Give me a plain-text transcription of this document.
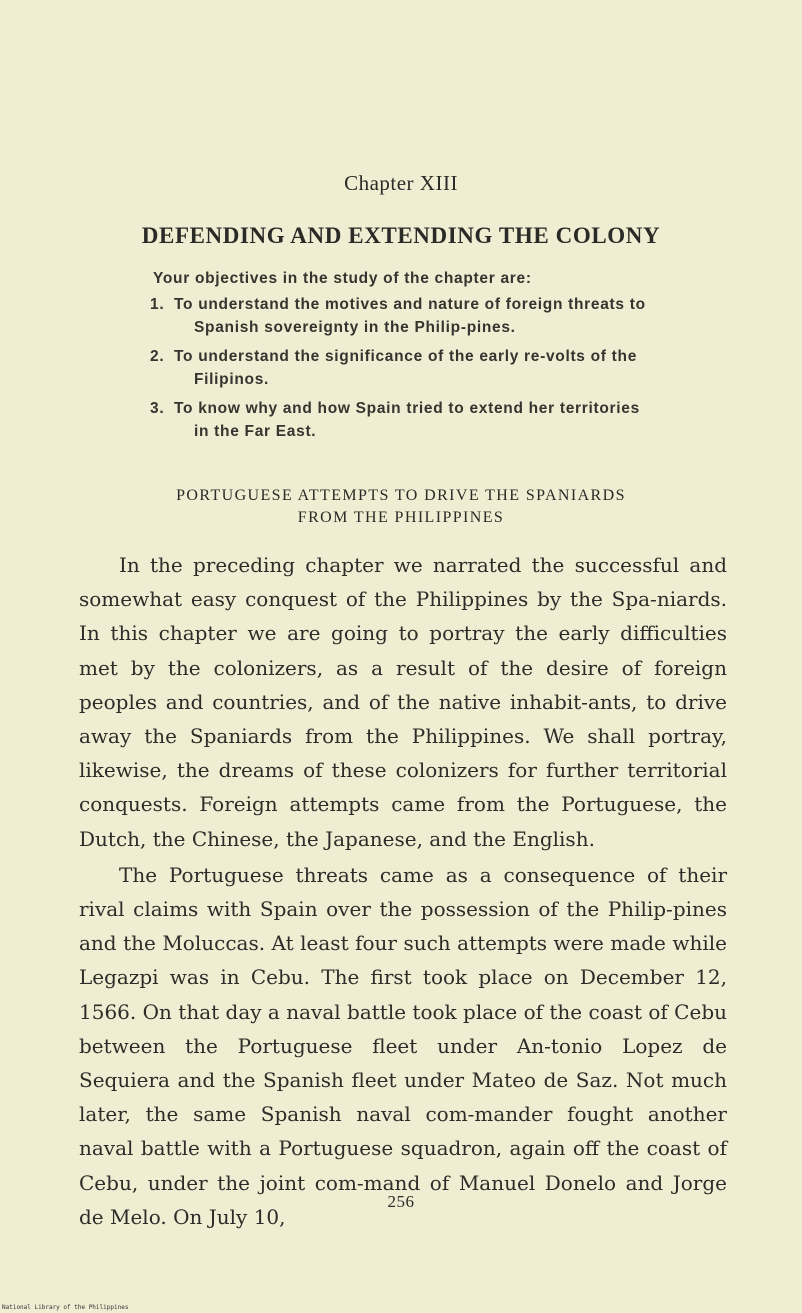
Chapter XIII
DEFENDING AND EXTENDING THE COLONY
Your objectives in the study of the chapter are:
1. To understand the motives and nature of foreign threats to Spanish sovereignty in the Philip-pines.
2. To understand the significance of the early re-volts of the Filipinos.
3. To know why and how Spain tried to extend her territories in the Far East.
PORTUGUESE ATTEMPTS TO DRIVE THE SPANIARDS
FROM THE PHILIPPINES

In the preceding chapter we narrated the successful and somewhat easy conquest of the Philippines by the Spa-niards. In this chapter we are going to portray the early difficulties met by the colonizers, as a result of the desire of foreign peoples and countries, and of the native inhabit-ants, to drive away the Spaniards from the Philippines. We shall portray, likewise, the dreams of these colonizers for further territorial conquests. Foreign attempts came from the Portuguese, the Dutch, the Chinese, the Japanese, and the English.

The Portuguese threats came as a consequence of their rival claims with Spain over the possession of the Philip-pines and the Moluccas. At least four such attempts were made while Legazpi was in Cebu. The first took place on December 12, 1566. On that day a naval battle took place of the coast of Cebu between the Portuguese fleet under An-tonio Lopez de Sequiera and the Spanish fleet under Mateo de Saz. Not much later, the same Spanish naval com-mander fought another naval battle with a Portuguese squadron, again off the coast of Cebu, under the joint com-mand of Manuel Donelo and Jorge de Melo. On July 10,

256
National Library of the Philippines
